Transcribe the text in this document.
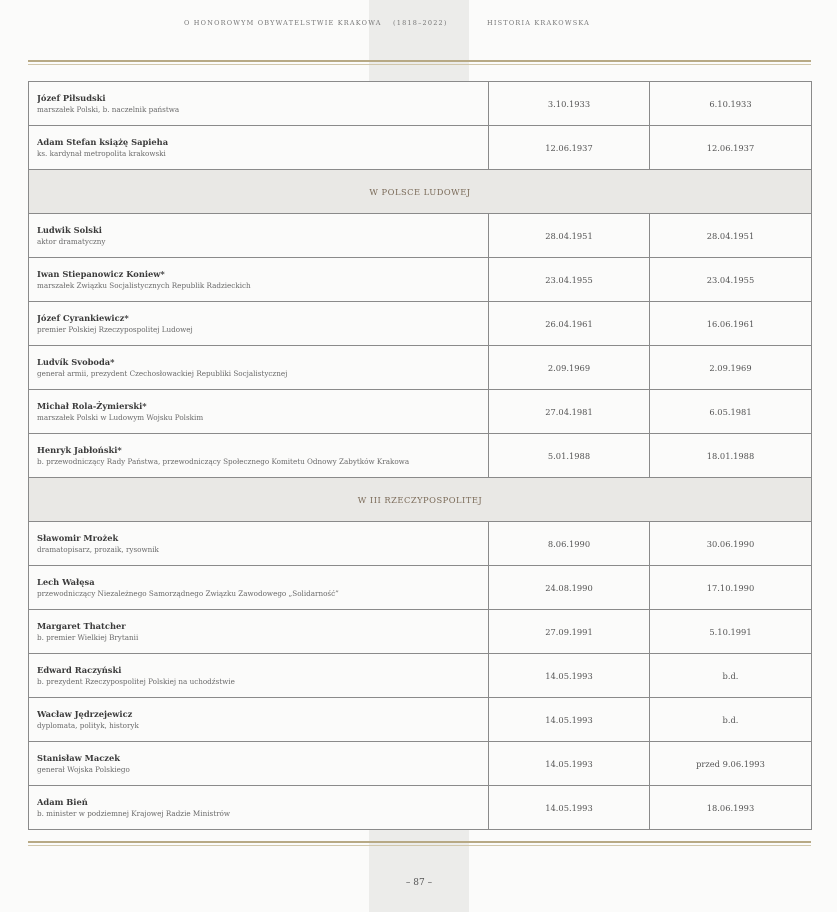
O HONOROWYM OBYWATELSTWIE KRAKOWA (1818–2022)	HISTORIA KRAKOWSKA
Józef Piłsudski
marszałek Polski, b. naczelnik państwa	3.10.1933	6.10.1933

Adam Stefan książę Sapieha
ks. kardynał metropolita krakowski	12.06.1937	12.06.1937
W POLSCE LUDOWEJ		

Ludwik Solski
aktor dramatyczny	28.04.1951	28.04.1951

Iwan Stiepanowicz Koniew*
marszałek Związku Socjalistycznych Republik Radzieckich	23.04.1955	23.04.1955

Józef Cyrankiewicz*
premier Polskiej Rzeczypospolitej Ludowej	26.04.1961	16.06.1961

Ludvík Svoboda*
generał armii, prezydent Czechosłowackiej Republiki Socjalistycznej	2.09.1969	2.09.1969

Michał Rola-Żymierski*
marszałek Polski w Ludowym Wojsku Polskim	27.04.1981	6.05.1981

Henryk Jabłoński*
b. przewodniczący Rady Państwa, przewodniczący Społecznego Komitetu Odnowy Zabytków Krakowa	5.01.1988	18.01.1988
W III RZECZYPOSPOLITEJ		

Sławomir Mrożek
dramatopisarz, prozaik, rysownik	8.06.1990	30.06.1990

Lech Wałęsa
przewodniczący Niezależnego Samorządnego Związku Zawodowego „Solidarność”	24.08.1990	17.10.1990

Margaret Thatcher
b. premier Wielkiej Brytanii	27.09.1991	5.10.1991

Edward Raczyński
b. prezydent Rzeczypospolitej Polskiej na uchodźstwie	14.05.1993	b.d.

Wacław Jędrzejewicz
dyplomata, polityk, historyk	14.05.1993	b.d.

Stanisław Maczek
generał Wojska Polskiego	14.05.1993	przed 9.06.1993

Adam Bień
b. minister w podziemnej Krajowej Radzie Ministrów	14.05.1993	18.06.1993
– 87 –
